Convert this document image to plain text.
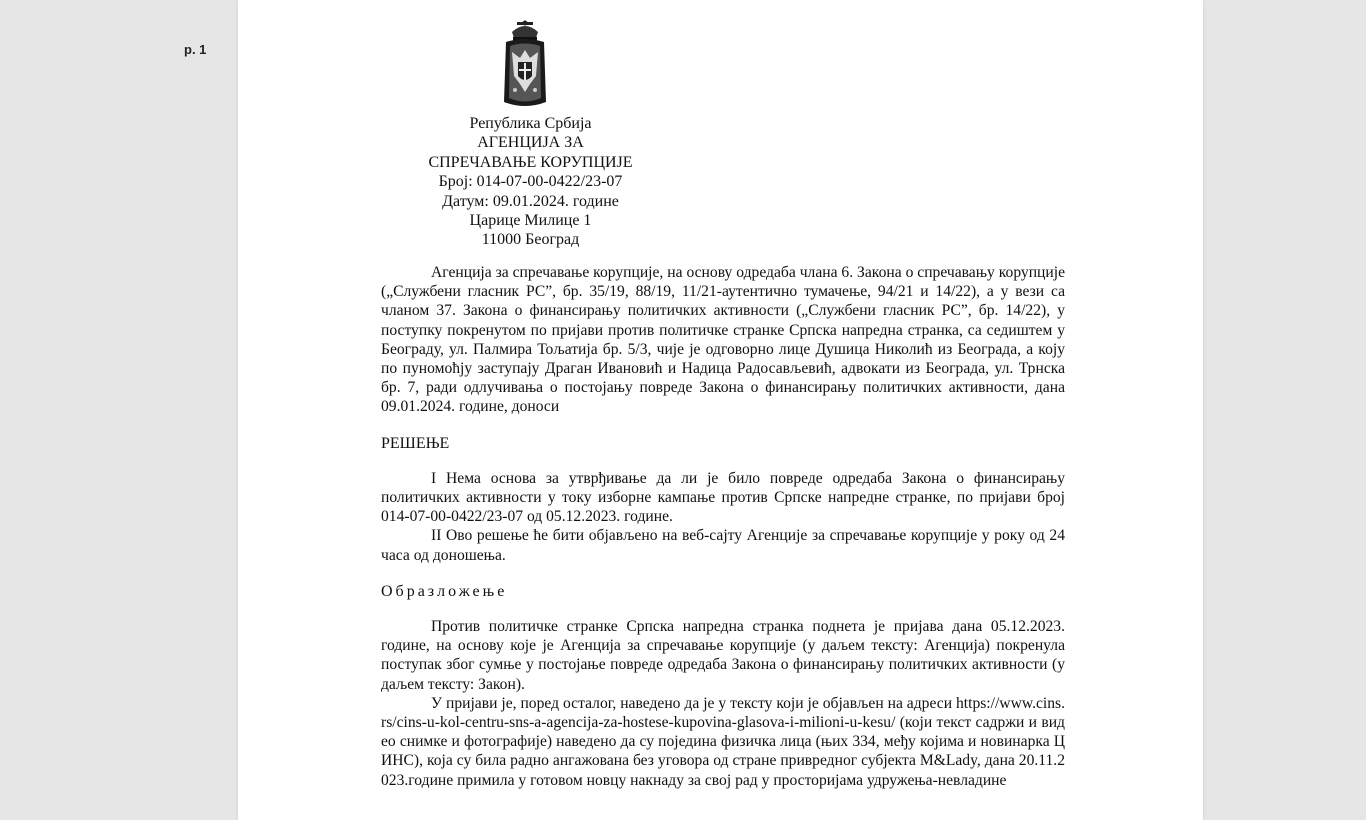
р. 1
Република Србија
АГЕНЦИЈА ЗА
СПРЕЧАВАЊЕ КОРУПЦИЈЕ
Број: 014-07-00-0422/23-07
Датум: 09.01.2024. године
Царице Милице 1
11000 Београд

Агенција за спречавање корупције, на основу одредаба члана 6. Закона о спречавању корупције („Службени гласник РС”, бр. 35/19, 88/19, 11/21-аутентично тумачење, 94/21 и 14/22), а у вези са чланом 37. Закона о финансирању политичких активности („Службени гласник РС”, бр. 14/22), у поступку покренутом по пријави против политичке странке Српска напредна странка, са седиштем у Београду, ул. Палмира Тољатија бр. 5/3, чије је одговорно лице Душица Николић из Београда, а коју по пуномоћју заступају Драган Ивановић и Надица Радосављевић, адвокати из Београда, ул. Трнска бр. 7, ради одлучивања о постојању повреде Закона о финансирању политичких активности, дана 09.01.2024. године, доноси

РЕШЕЊЕ

I Нема основа за утврђивање да ли је било повреде одредаба Закона о финансирању политичких активности у току изборне кампање против Српске напредне странке, по пријави број 014-07-00-0422/23-07 од 05.12.2023. године.

II Ово решење ће бити објављено на веб-сајту Агенције за спречавање корупције у року од 24 часа од доношења.

Образложење

Против политичке странке Српска напредна странка поднета је пријава дана 05.12.2023. године, на основу које је Агенција за спречавање корупције (у даљем тексту: Агенција) покренула поступак због сумње у постојање повреде одредаба Закона о финансирању политичких активности (у даљем тексту: Закон).

У пријави је, поред осталог, наведено да је у тексту који је објављен на адреси https://www.cins.rs/cins-u-kol-centru-sns-a-agencija-za-hostese-kupovina-glasova-i-milioni-u-kesu/ (који текст садржи и видео снимке и фотографије) наведено да су поједина физичка лица (њих 334, међу којима и новинарка ЦИНС), која су била радно ангажована без уговора од стране привредног субјекта M&Lady, дана 20.11.2023.године примила у готовом новцу накнаду за свој рад у просторијама удружења-невладине
